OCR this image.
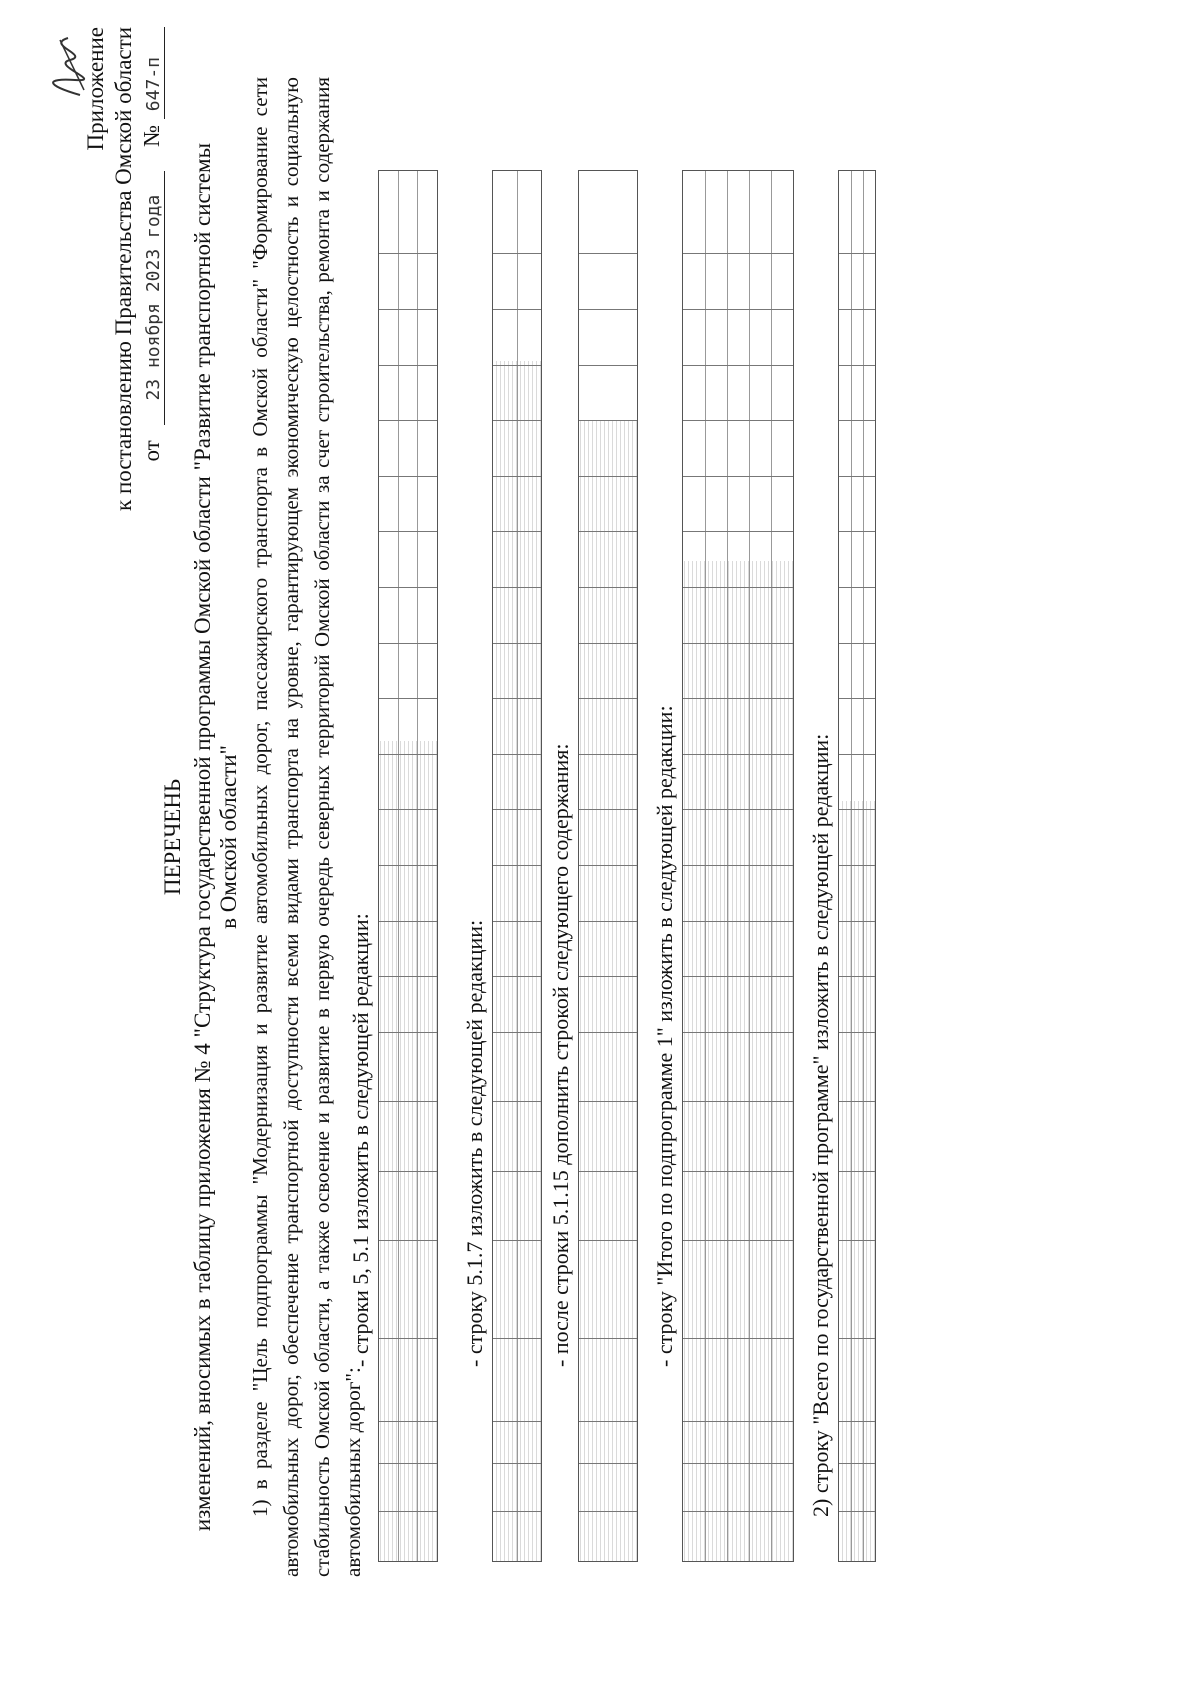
Приложение к постановлению Правительства Омской области от 23 ноября 2023 года № 647-п
ПЕРЕЧЕНЬ изменений, вносимых в таблицу приложения № 4 "Структура государственной программы Омской области "Развитие транспортной системы в Омской области" 1) в разделе "Цель подпрограммы "Модернизация и развитие автомобильных дорог, пассажирского транспорта в Омской области" "Формирование сети автомобильных дорог, обеспечение транспортной доступности всеми видами транспорта на уровне, гарантирующем экономическую целостность и социальную стабильность Омской области, а также освоение и развитие в первую очередь северных территорий Омской области за счет строительства, ремонта и содержания автомобильных дорог":
- строки 5, 5.1 изложить в следующей редакции:	- строку 5.1.7 изложить в следующей редакции:	- после строки 5.1.15 дополнить строкой следующего содержания:	- строку "Итого по подпрограмме 1" изложить в следующей редакции:	2) строку "Всего по государственной программе" изложить в следующей редакции:
